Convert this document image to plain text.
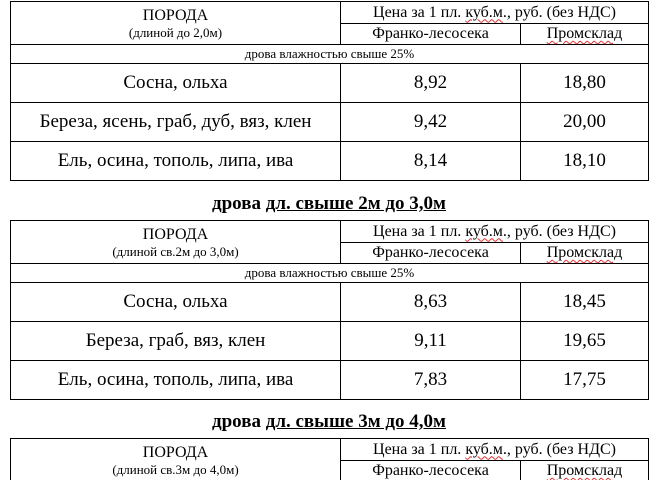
ПОРОДА
(длиной до 2,0м)	Цена за 1 пл. куб.м., руб. (без НДС)	
	Франко-лесосека	Промсклад
дрова влажностью свыше 25%		
Сосна, ольха	8,92	18,80
Береза, ясень, граб, дуб, вяз, клен	9,42	20,00
Ель, осина, тополь, липа, ива	8,14	18,10
дрова дл. свыше 2м до 3,0м
ПОРОДА
(длиной св.2м до 3,0м)	Цена за 1 пл. куб.м., руб. (без НДС)	
	Франко-лесосека	Промсклад
дрова влажностью свыше 25%		
Сосна, ольха	8,63	18,45
Береза, граб, вяз, клен	9,11	19,65
Ель, осина, тополь, липа, ива	7,83	17,75
дрова дл. свыше 3м до 4,0м
ПОРОДА
(длиной св.3м до 4,0м)	Цена за 1 пл. куб.м., руб. (без НДС)	
	Франко-лесосека	Промсклад
